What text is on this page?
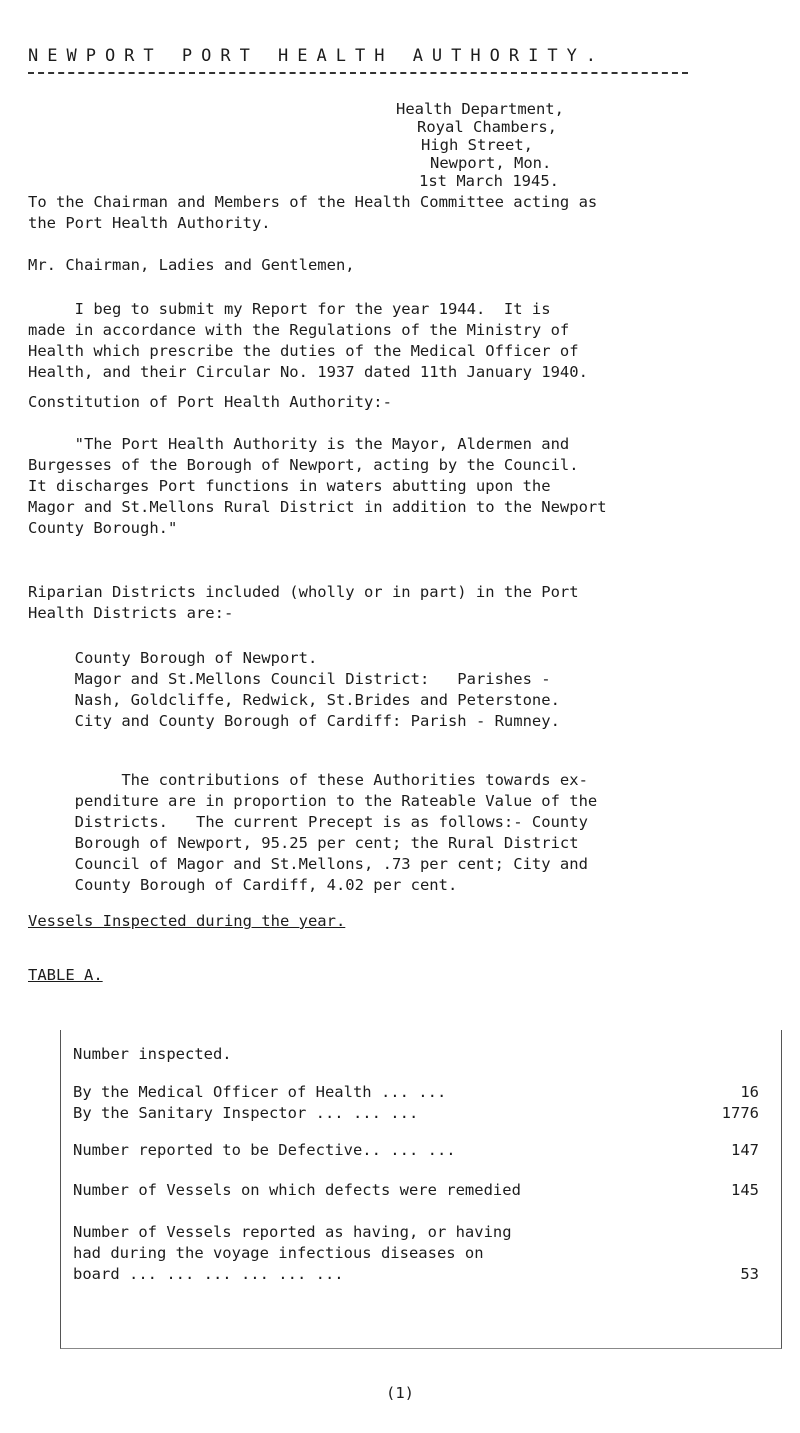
NEWPORT PORT HEALTH AUTHORITY.
Health Department,
Royal Chambers,
High Street,
Newport, Mon.
1st March 1945.
To the Chairman and Members of the Health Committee acting as
the Port Health Authority.
Mr. Chairman, Ladies and Gentlemen,
I beg to submit my Report for the year 1944.  It is
made in accordance with the Regulations of the Ministry of
Health which prescribe the duties of the Medical Officer of
Health, and their Circular No. 1937 dated 11th January 1940.
Constitution of Port Health Authority:-
"The Port Health Authority is the Mayor, Aldermen and
Burgesses of the Borough of Newport, acting by the Council.
It discharges Port functions in waters abutting upon the
Magor and St.Mellons Rural District in addition to the Newport
County Borough."
Riparian Districts included (wholly or in part) in the Port
Health Districts are:-
County Borough of Newport.
Magor and St.Mellons Council District:   Parishes -
Nash, Goldcliffe, Redwick, St.Brides and Peterstone.
City and County Borough of Cardiff: Parish - Rumney.
The contributions of these Authorities towards ex-
penditure are in proportion to the Rateable Value of the
Districts.   The current Precept is as follows:- County
Borough of Newport, 95.25 per cent; the Rural District
Council of Magor and St.Mellons, .73 per cent; City and
County Borough of Cardiff, 4.02 per cent.
Vessels Inspected during the year.
TABLE A.
Number inspected.
By the Medical Officer of Health ... ...	16
By the Sanitary Inspector ... ... ...	1776
Number reported to be Defective.. ... ...	147
Number of Vessels on which defects were remedied	145
Number of Vessels reported as having, or having
had during the voyage infectious diseases on
board ... ... ... ... ... ...	53
(1)
